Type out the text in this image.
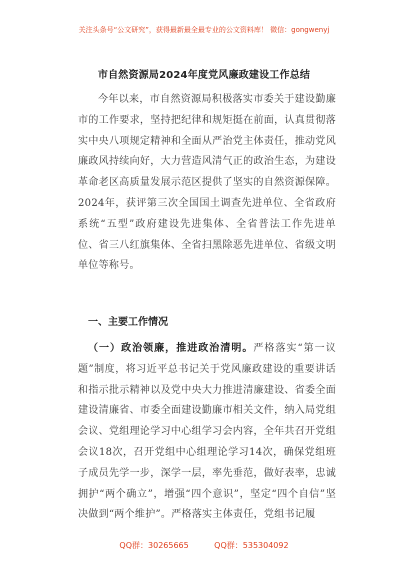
关注头条号“公文研究”，获得最新最全最专业的公文资料库！ 微信：gongwenyj
市自然资源局2024年度党风廉政建设工作总结
今年以来，市自然资源局积极落实市委关于建设勤廉市的工作要求，坚持把纪律和规矩挺在前面，认真贯彻落实中央八项规定精神和全面从严治党主体责任，推动党风廉政风持续向好，大力营造风清气正的政治生态，为建设革命老区高质量发展示范区提供了坚实的自然资源保障。2024年，获评第三次全国国土调查先进单位、全省政府系统“五型”政府建设先进集体、全省普法工作先进单位、省三八红旗集体、全省扫黑除恶先进单位、省级文明单位等称号。
一、主要工作情况
（一）政治领廉，推进政治清明。严格落实“第一议题”制度，将习近平总书记关于党风廉政建设的重要讲话和指示批示精神以及党中央大力推进清廉建设、省委全面建设清廉省、市委全面建设勤廉市相关文件，纳入局党组会议、党组理论学习中心组学习会内容，全年共召开党组会议18次，召开党组中心组理论学习14次，确保党组班子成员先学一步，深学一层，率先垂范，做好表率，忠诚拥护“两个确立”，增强“四个意识”，坚定“四个自信”坚决做到“两个维护”。严格落实主体责任，党组书记履
QQ群：30265665	QQ群：535304092
